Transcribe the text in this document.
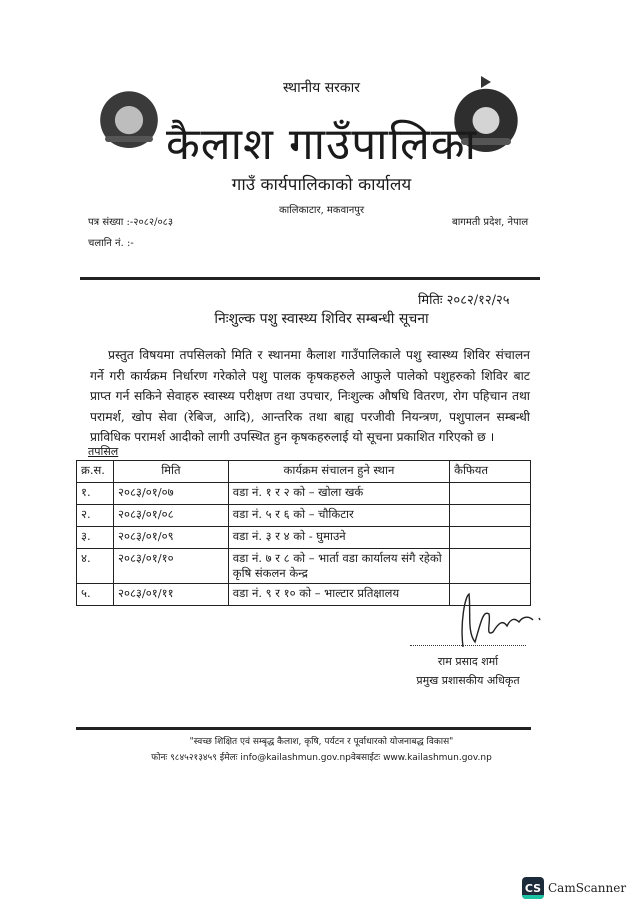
स्थानीय सरकार
कैलाश गाउँपालिका
गाउँ कार्यपालिकाको कार्यालय
कालिकाटार, मकवानपुर
पत्र संख्या :-२०८२/०८३
चलानि नं. :-
बागमती प्रदेश, नेपाल
मितिः २०८२/१२/२५
निःशुल्क पशु स्वास्थ्य शिविर सम्बन्धी सूचना
प्रस्तुत विषयमा तपसिलको मिति र स्थानमा कैलाश गाउँपालिकाले पशु स्वास्थ्य शिविर संचालन गर्ने गरी कार्यक्रम निर्धारण गरेकोले पशु पालक कृषकहरुले आफुले पालेको पशुहरुको शिविर बाट प्राप्त गर्न सकिने सेवाहरु स्वास्थ्य परीक्षण तथा उपचार, निःशुल्क औषधि वितरण, रोग पहिचान तथा परामर्श, खोप सेवा (रेबिज, आदि), आन्तरिक तथा बाह्य परजीवी नियन्त्रण, पशुपालन सम्बन्धी प्राविधिक परामर्श आदीको लागी उपस्थित हुन कृषकहरुलाई यो सूचना प्रकाशित गरिएको छ ।
तपसिल
क्र.स.	मिति	कार्यक्रम संचालन हुने स्थान	कैफियत
१.	२०८३/०१/०७	वडा नं. १ र २ को – खोला खर्क	
२.	२०८३/०१/०८	वडा नं. ५ र ६ को – चौकिटार	
३.	२०८३/०१/०९	वडा नं. ३ र ४ को - घुमाउने	
४.	२०८३/०१/१०	वडा नं. ७ र ८ को – भार्ता वडा कार्यालय संगै रहेको कृषि संकलन केन्द्र	
५.	२०८३/०१/११	वडा नं. ९ र १० को – भाल्टार प्रतिक्षालय	
राम प्रसाद शर्मा
प्रमुख प्रशासकीय अधिकृत
"स्वच्छ शिक्षित एवं सम्बृद्ध कैलाश, कृषि, पर्यटन र पूर्वाधारको योजनाबद्ध विकास"
फोनः ९८४५२१३४५९ ईमेलः info@kailashmun.gov.npवेबसाईटः www.kailashmun.gov.np
CS CamScanner
